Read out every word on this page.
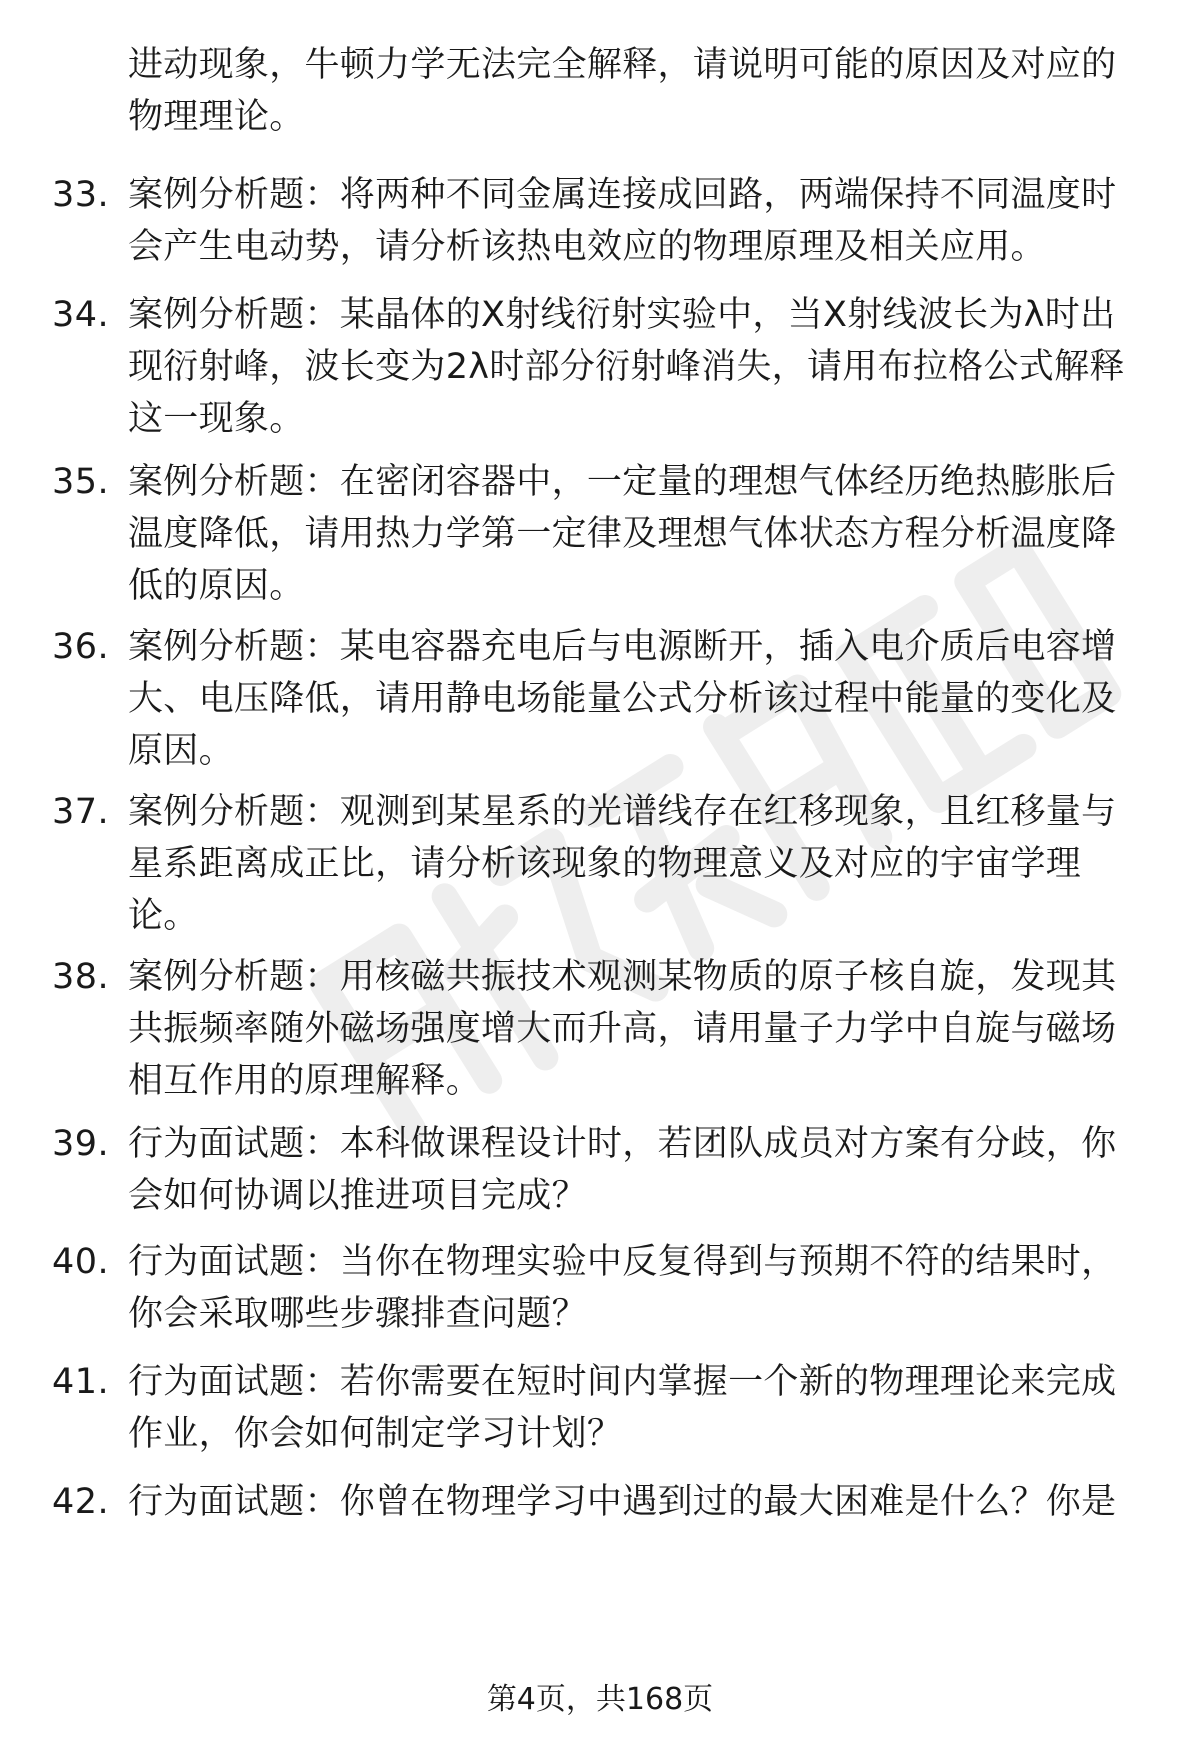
进动现象，牛顿力学无法完全解释，请说明可能的原因及对应的
物理理论。
33. 案例分析题：将两种不同金属连接成回路，两端保持不同温度时
会产生电动势，请分析该热电效应的物理原理及相关应用。
34. 案例分析题：某晶体的X射线衍射实验中，当X射线波长为λ时出
现衍射峰，波长变为2λ时部分衍射峰消失，请用布拉格公式解释
这一现象。
35. 案例分析题：在密闭容器中，一定量的理想气体经历绝热膨胀后
温度降低，请用热力学第一定律及理想气体状态方程分析温度降
低的原因。
36. 案例分析题：某电容器充电后与电源断开，插入电介质后电容增
大、电压降低，请用静电场能量公式分析该过程中能量的变化及
原因。
37. 案例分析题：观测到某星系的光谱线存在红移现象，且红移量与
星系距离成正比，请分析该现象的物理意义及对应的宇宙学理
论。
38. 案例分析题：用核磁共振技术观测某物质的原子核自旋，发现其
共振频率随外磁场强度增大而升高，请用量子力学中自旋与磁场
相互作用的原理解释。
39. 行为面试题：本科做课程设计时，若团队成员对方案有分歧，你
会如何协调以推进项目完成？
40. 行为面试题：当你在物理实验中反复得到与预期不符的结果时，
你会采取哪些步骤排查问题？
41. 行为面试题：若你需要在短时间内掌握一个新的物理理论来完成
作业，你会如何制定学习计划？
42. 行为面试题：你曾在物理学习中遇到过的最大困难是什么？你是
第4页，共168页
